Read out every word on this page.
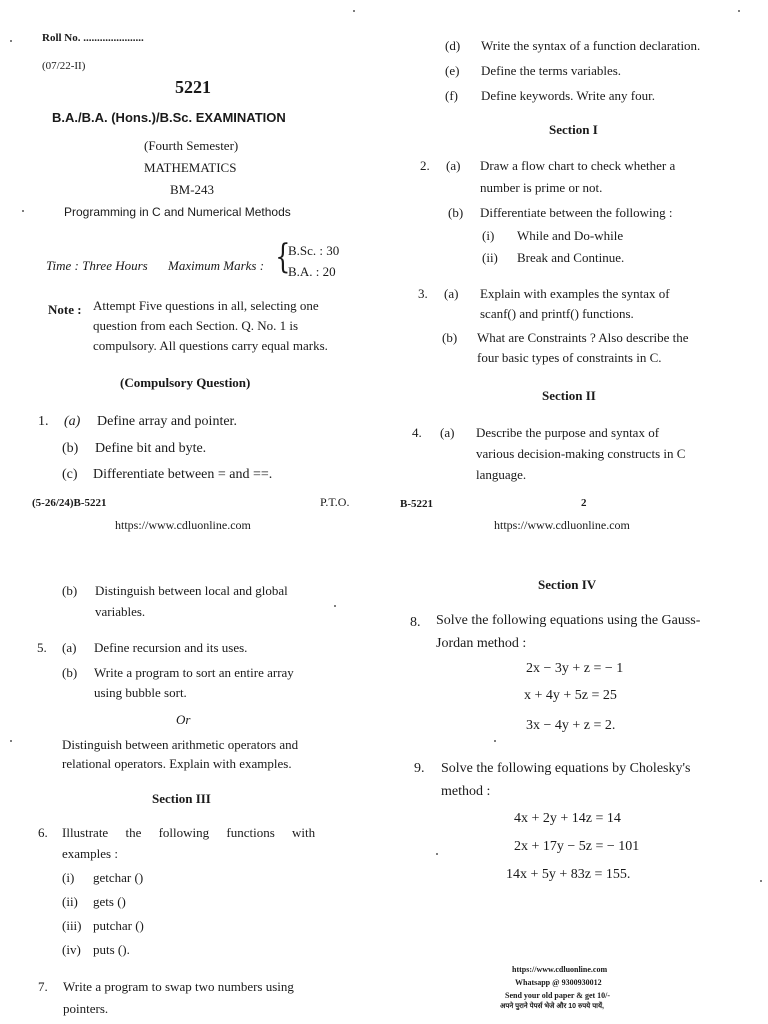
Roll No. ......................
(07/22-II)
5221
B.A./B.A. (Hons.)/B.Sc. EXAMINATION
(Fourth Semester)
MATHEMATICS
BM-243
Programming in C and Numerical Methods
Time : Three Hours Maximum Marks : {
B.Sc. : 30
B.A. : 20
Note : Attempt Five questions in all, selecting one
question from each Section. Q. No. 1 is
compulsory. All questions carry equal marks.
(Compulsory Question)
1. (a) Define array and pointer.
(b) Define bit and byte.
(c) Differentiate between = and ==.
(5-26/24)B-5221	P.T.O.
https://www.cdluonline.com
(d) Write the syntax of a function declaration.
(e) Define the terms variables.
(f) Define keywords. Write any four.
Section I
2. (a) Draw a flow chart to check whether a
number is prime or not.
(b) Differentiate between the following :
(i) While and Do-while
(ii) Break and Continue.
3. (a) Explain with examples the syntax of
scanf() and printf() functions.
(b) What are Constraints ? Also describe the
four basic types of constraints in C.
Section II
4. (a) Describe the purpose and syntax of
various decision-making constructs in C
language.
B-5221	2
https://www.cdluonline.com
(b) Distinguish between local and global
variables.
5. (a) Define recursion and its uses.
(b) Write a program to sort an entire array
using bubble sort.
Or
Distinguish between arithmetic operators and
relational operators. Explain with examples.
Section III
6. Illustrate the following functions with
examples :
(i) getchar ()
(ii) gets ()
(iii) putchar ()
(iv) puts ().
7. Write a program to swap two numbers using
pointers.
Section IV
8. Solve the following equations using the Gauss-
Jordan method :
2x − 3y + z = − 1
x + 4y + 5z = 25
3x − 4y + z = 2.
9. Solve the following equations by Cholesky's
method :
4x + 2y + 14z = 14
2x + 17y − 5z = − 101
14x + 5y + 83z = 155.
https://www.cdluonline.com
Whatsapp @ 9300930012
Send your old paper & get 10/-
अपने पुराने पेपर्स भेजे और 10 रुपये पायें,
